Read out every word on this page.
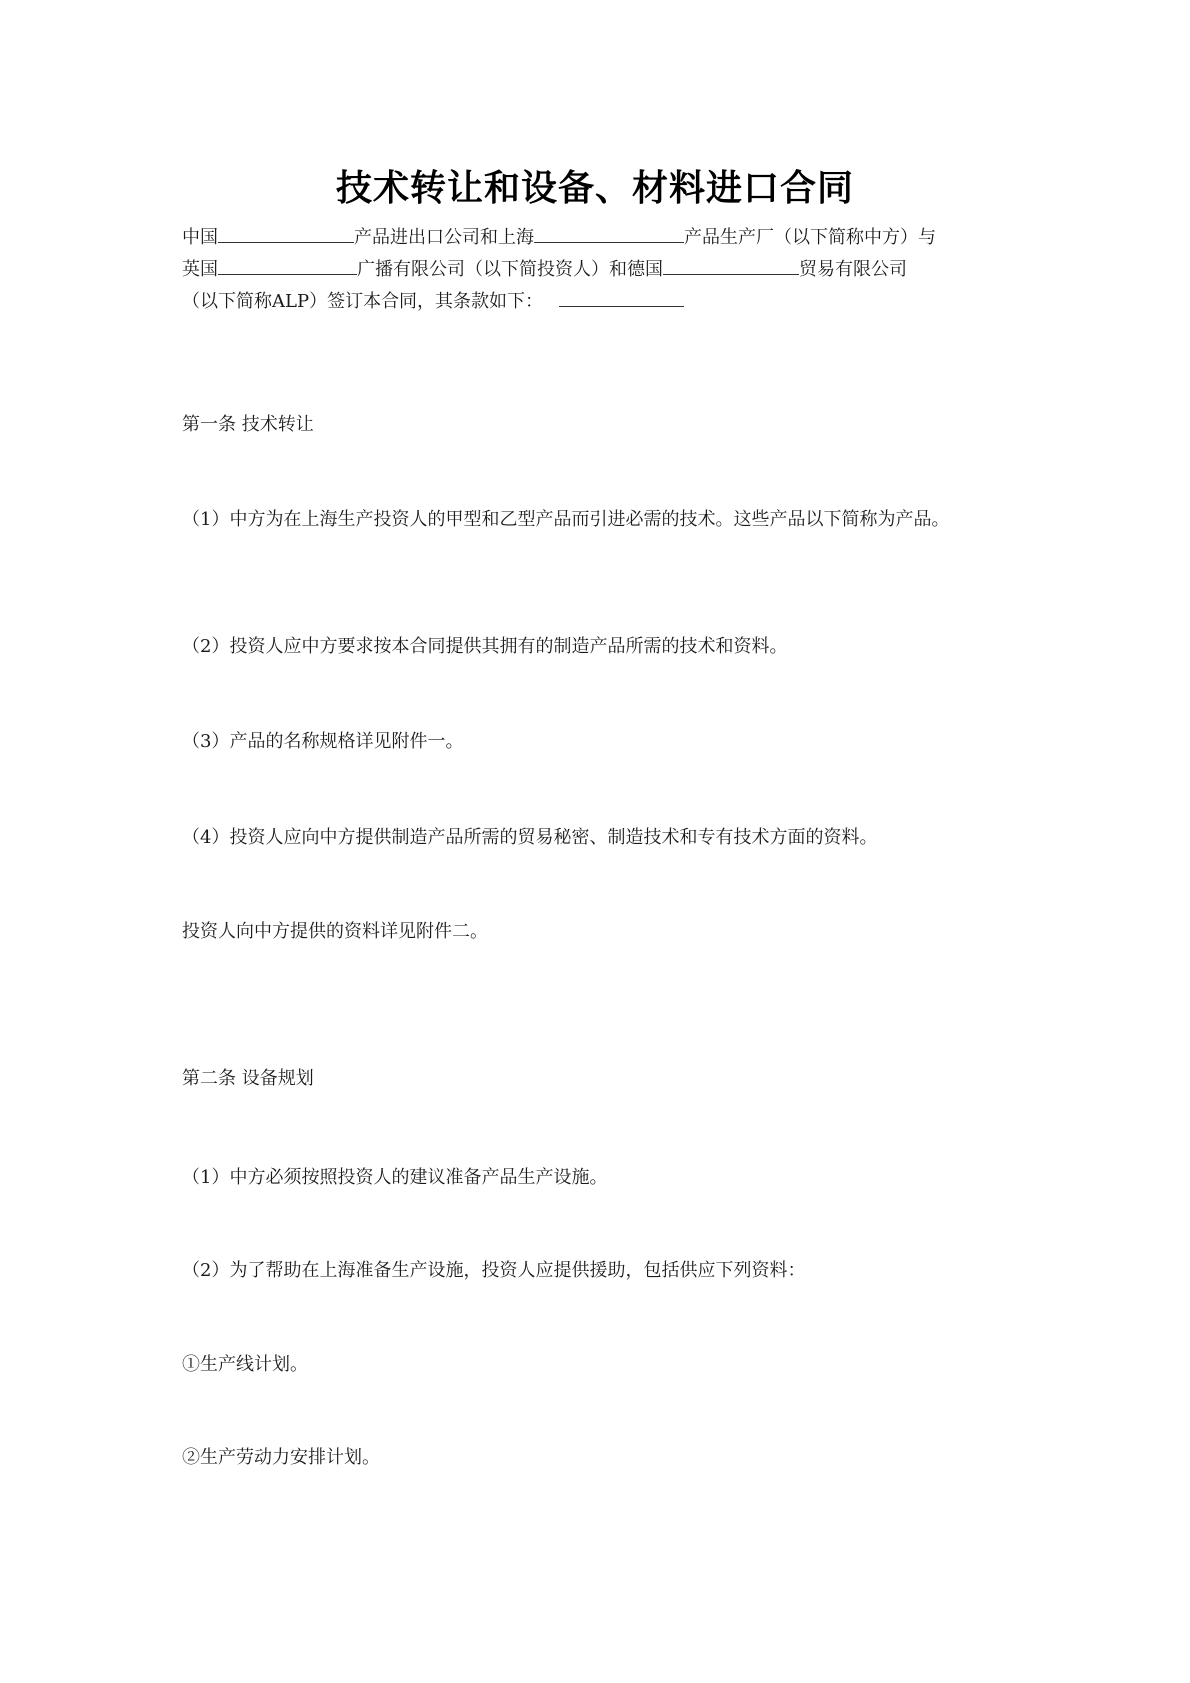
技术转让和设备、材料进口合同
中国	产品进出口公司和上海	产品生产厂（以下简称中方）与
英国	广播有限公司（以下简投资人）和德国	贸易有限公司
（以下简称ALP）签订本合同，其条款如下：
第一条 技术转让
（1）中方为在上海生产投资人的甲型和乙型产品而引进必需的技术。这些产品以下简称为产品。
（2）投资人应中方要求按本合同提供其拥有的制造产品所需的技术和资料。
（3）产品的名称规格详见附件一。
（4）投资人应向中方提供制造产品所需的贸易秘密、制造技术和专有技术方面的资料。
投资人向中方提供的资料详见附件二。
第二条 设备规划
（1）中方必须按照投资人的建议准备产品生产设施。
（2）为了帮助在上海准备生产设施，投资人应提供援助，包括供应下列资料：
①生产线计划。
②生产劳动力安排计划。
